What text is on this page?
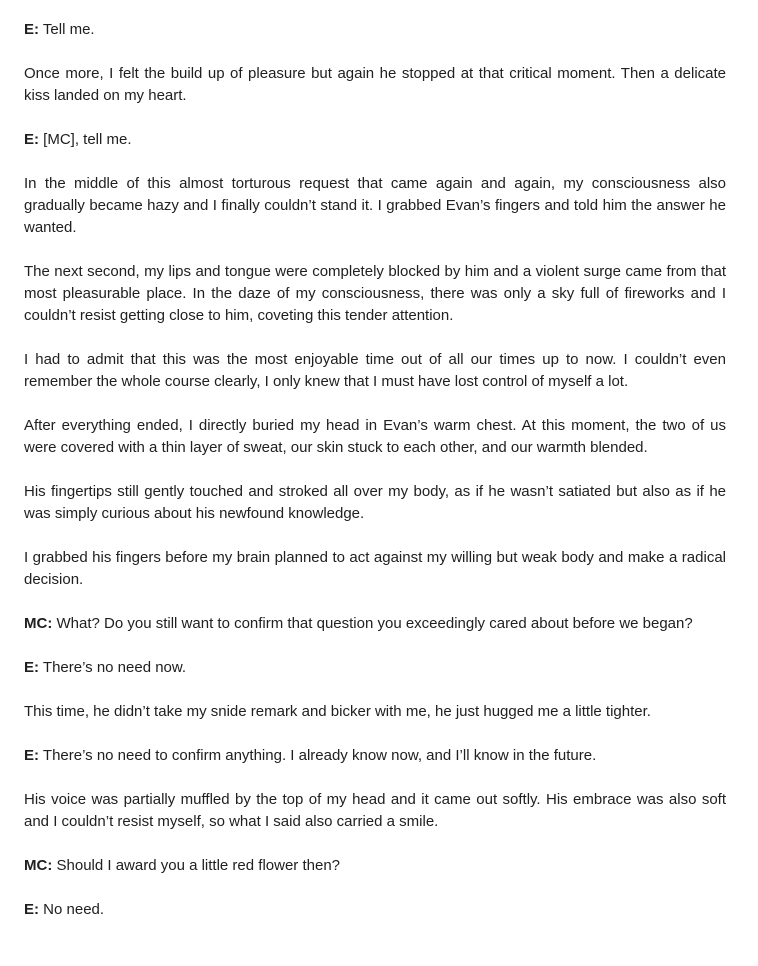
E: Tell me.

Once more, I felt the build up of pleasure but again he stopped at that critical moment. Then a delicate kiss landed on my heart.

E: [MC], tell me.

In the middle of this almost torturous request that came again and again, my consciousness also gradually became hazy and I finally couldn’t stand it. I grabbed Evan’s fingers and told him the answer he wanted.

The next second, my lips and tongue were completely blocked by him and a violent surge came from that most pleasurable place. In the daze of my consciousness, there was only a sky full of fireworks and I couldn’t resist getting close to him, coveting this tender attention.

I had to admit that this was the most enjoyable time out of all our times up to now. I couldn’t even remember the whole course clearly, I only knew that I must have lost control of myself a lot.

After everything ended, I directly buried my head in Evan’s warm chest. At this moment, the two of us were covered with a thin layer of sweat, our skin stuck to each other, and our warmth blended.

His fingertips still gently touched and stroked all over my body, as if he wasn’t satiated but also as if he was simply curious about his newfound knowledge.

I grabbed his fingers before my brain planned to act against my willing but weak body and make a radical decision.

MC: What? Do you still want to confirm that question you exceedingly cared about before we began?

E: There’s no need now.

This time, he didn’t take my snide remark and bicker with me, he just hugged me a little tighter.

E: There’s no need to confirm anything. I already know now, and I’ll know in the future.

His voice was partially muffled by the top of my head and it came out softly. His embrace was also soft and I couldn’t resist myself, so what I said also carried a smile.

MC: Should I award you a little red flower then?

E: No need.
